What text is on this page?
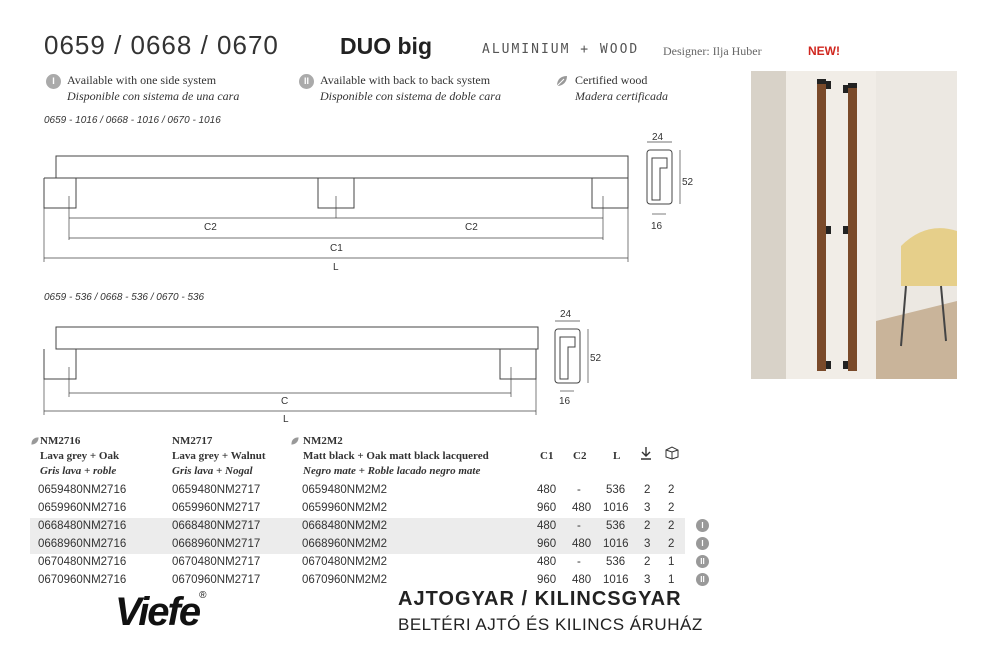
0659 / 0668 / 0670	DUO big	ALUMINIUM + WOOD Designer: Ilja Huber	NEW!
I	Available with one side system
Disponible con sistema de una cara
II Available with back to back system
Disponible con sistema de doble cara
Certified wood
Madera certificada
0659 - 1016 / 0668 - 1016 / 0670 - 1016
C2	C2
C1
L
24
52
16
0659 - 536 / 0668 - 536 / 0670 - 536
C
L
24
52
16
NM2716
Lava grey + Oak
Gris lava + roble
NM2717
Lava grey + Walnut
Gris lava + Nogal
NM2M2
Matt black + Oak matt black lacquered
Negro mate + Roble lacado negro mate
C1 C2 L
0659480NM2716	0659480NM2717	0659480NM2M2	480 - 536 2 2
0659960NM2716	0659960NM2717	0659960NM2M2	960 480 1016 3 2
0668480NM2716	0668480NM2717	0668480NM2M2	480 - 536 2 2	I
0668960NM2716	0668960NM2717	0668960NM2M2	960 480 1016 3 2	I
0670480NM2716	0670480NM2717	0670480NM2M2	480 - 536 2 1	II
0670960NM2716	0670960NM2717	0670960NM2M2	960 480 1016 3 1	II
Viefe®	AJTOGYAR / KILINCSGYAR
BELTÉRI AJTÓ ÉS KILINCS ÁRUHÁZ
